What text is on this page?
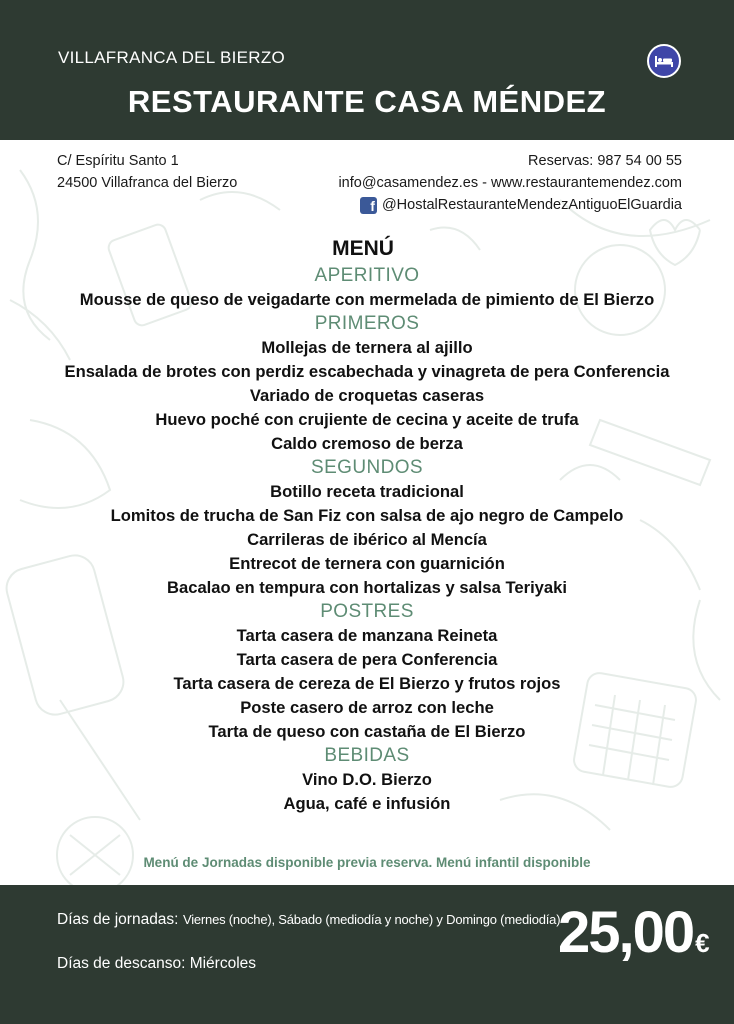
VILLAFRANCA DEL BIERZO
RESTAURANTE CASA MÉNDEZ
C/ Espíritu Santo 1
24500 Villafranca del Bierzo
Reservas: 987 54 00 55
info@casamendez.es - www.restaurantemendez.com
f @HostalRestauranteMendezAntiguoElGuardia
MENÚ
APERITIVO
Mousse de queso de veigadarte con mermelada de pimiento de El Bierzo
PRIMEROS
Mollejas de ternera al ajillo
Ensalada de brotes con perdiz escabechada y vinagreta de pera Conferencia
Variado de croquetas caseras
Huevo poché con crujiente de cecina y aceite de trufa
Caldo cremoso de berza
SEGUNDOS
Botillo receta tradicional
Lomitos de trucha de San Fiz con salsa de ajo negro de Campelo
Carrileras de ibérico al Mencía
Entrecot de ternera con guarnición
Bacalao en tempura con hortalizas y salsa Teriyaki
POSTRES
Tarta casera de manzana Reineta
Tarta casera de pera Conferencia
Tarta casera de cereza de El Bierzo y frutos rojos
Poste casero de arroz con leche
Tarta de queso con castaña de El Bierzo
BEBIDAS
Vino D.O. Bierzo
Agua, café e infusión
Menú de Jornadas disponible previa reserva. Menú infantil disponible
Días de jornadas: Viernes (noche), Sábado (mediodía y noche) y Domingo (mediodía)
Días de descanso: Miércoles	25,00€
